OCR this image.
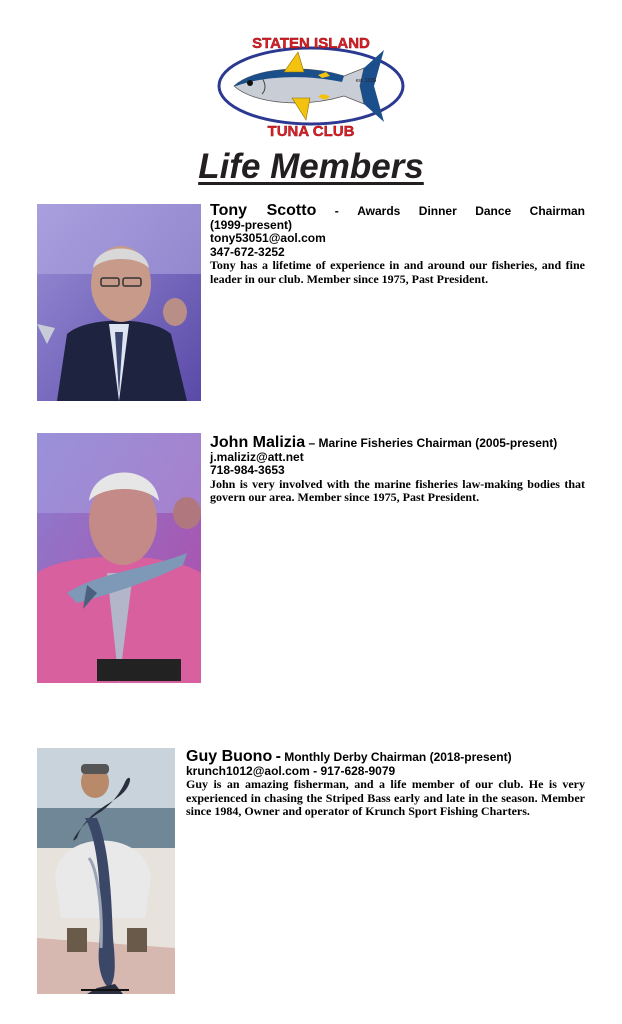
STATEN ISLAND
TUNA CLUB
est. 1936
Life Members
Tony Scotto - Awards Dinner Dance Chairman
(1999-present)
tony53051@aol.com
347-672-3252
Tony has a lifetime of experience in and around our fisheries, and fine leader in our club. Member since 1975, Past President.
John Malizia – Marine Fisheries Chairman (2005-present)
j.maliziz@att.net
718-984-3653
John is very involved with the marine fisheries law-making bodies that govern our area. Member since 1975, Past President.
Guy Buono - Monthly Derby Chairman (2018-present)
krunch1012@aol.com - 917-628-9079
Guy is an amazing fisherman, and a life member of our club. He is very experienced in chasing the Striped Bass early and late in the season. Member since 1984, Owner and operator of Krunch Sport Fishing Charters.
